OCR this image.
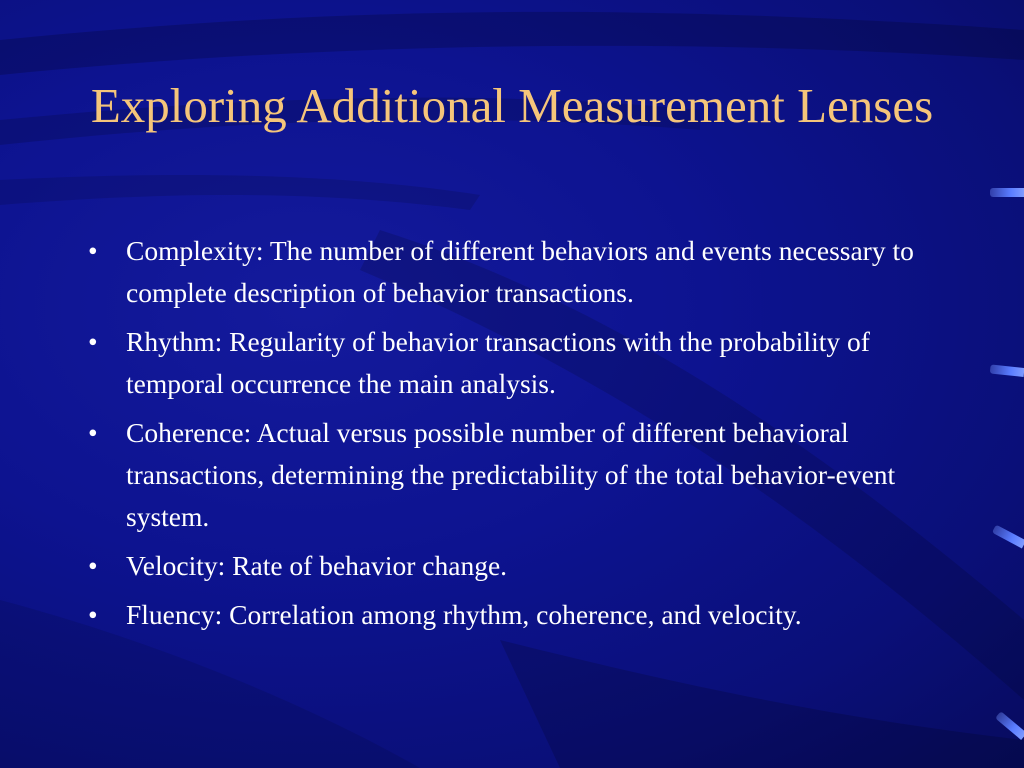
Exploring Additional Measurement Lenses
•	Complexity: The number of different behaviors and events necessary to complete description of behavior transactions.
•	Rhythm: Regularity of behavior transactions with the probability of temporal occurrence the main analysis.
•	Coherence: Actual versus possible number of different behavioral transactions, determining the predictability of the total behavior-event system.
•	Velocity: Rate of behavior change.
•	Fluency: Correlation among rhythm, coherence, and velocity.
